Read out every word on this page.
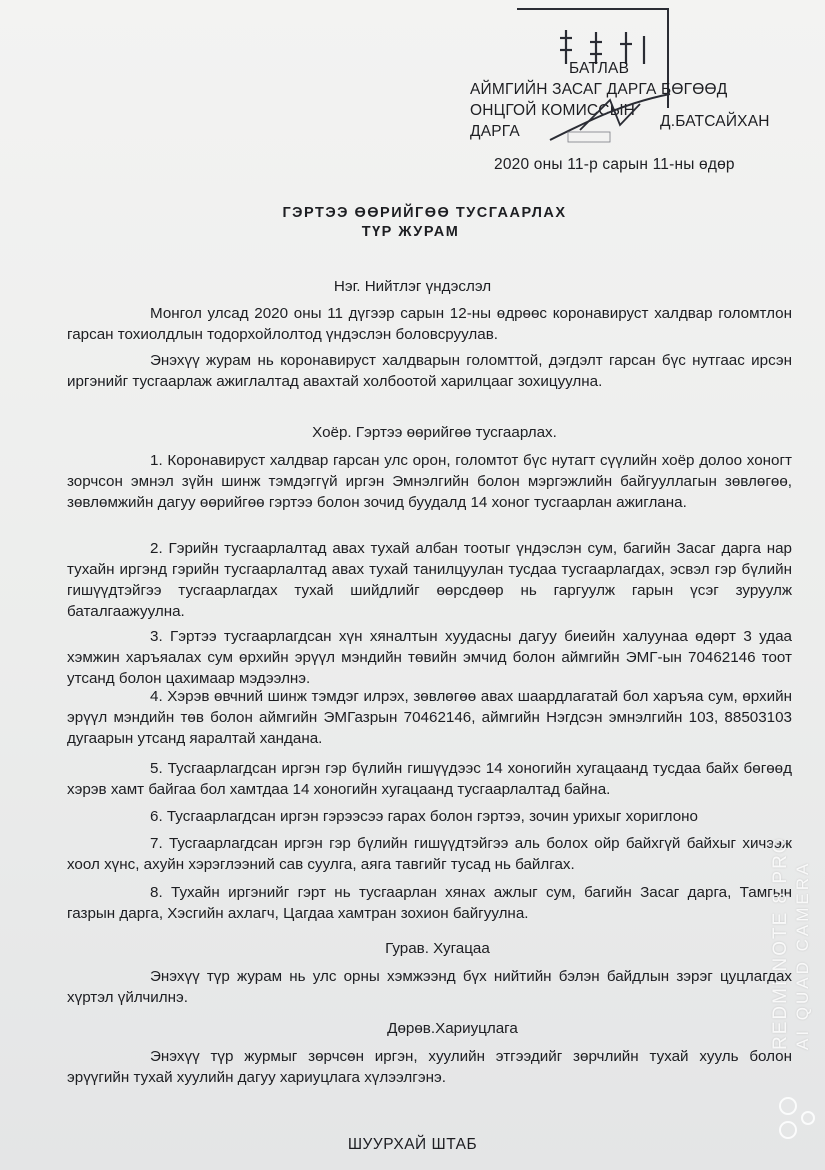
БАТЛАВ
АЙМГИЙН ЗАСАГ ДАРГА БӨГӨӨД
ОНЦГОЙ КОМИССЫН
ДАРГА
Д.БАТСАЙХАН
2020 оны 11-р сарын 11-ны өдөр
ГЭРТЭЭ ӨӨРИЙГӨӨ ТУСГААРЛАХ
ТҮР ЖУРАМ
Нэг. Нийтлэг үндэслэл

Монгол улсад 2020 оны 11 дүгээр сарын 12-ны өдрөөс коронавируст халдвар голомтлон гарсан тохиолдлын тодорхойлолтод үндэслэн боловсруулав.

Энэхүү журам нь коронавируст халдварын голомттой, дэгдэлт гарсан бүс нутгаас ирсэн иргэнийг тусгаарлаж ажиглалтад авахтай холбоотой харилцааг зохицуулна.

Хоёр. Гэртээ өөрийгөө тусгаарлах.

1. Коронавируст халдвар гарсан улс орон, голомтот бүс нутагт сүүлийн хоёр долоо хоногт зорчсон эмнэл зүйн шинж тэмдэггүй иргэн Эмнэлгийн болон мэргэжлийн байгууллагын зөвлөгөө, зөвлөмжийн дагуу өөрийгөө гэртээ болон зочид буудалд 14 хоног тусгаарлан ажиглана.

2. Гэрийн тусгаарлалтад авах тухай албан тоотыг үндэслэн сум, багийн Засаг дарга нар тухайн иргэнд гэрийн тусгаарлалтад авах тухай танилцуулан тусдаа тусгаарлагдах, эсвэл гэр бүлийн гишүүдтэйгээ тусгаарлагдах тухай шийдлийг өөрсдөөр нь гаргуулж гарын үсэг зуруулж баталгаажуулна.

3. Гэртээ тусгаарлагдсан хүн хяналтын хуудасны дагуу биеийн халуунаа өдөрт 3 удаа хэмжин харъяалах сум өрхийн эрүүл мэндийн төвийн эмчид болон аймгийн ЭМГ-ын 70462146 тоот утсанд болон цахимаар мэдээлнэ.

4. Хэрэв өвчний шинж тэмдэг илрэх, зөвлөгөө авах шаардлагатай бол харъяа сум, өрхийн эрүүл мэндийн төв болон аймгийн ЭМГазрын 70462146, аймгийн Нэгдсэн эмнэлгийн 103, 88503103 дугаарын утсанд яаралтай хандана.

5. Тусгаарлагдсан иргэн гэр бүлийн гишүүдээс 14 хоногийн хугацаанд тусдаа байх бөгөөд хэрэв хамт байгаа бол хамтдаа 14 хоногийн хугацаанд тусгаарлалтад байна.

6. Тусгаарлагдсан иргэн гэрээсээ гарах болон гэртээ, зочин урихыг хориглоно

7. Тусгаарлагдсан иргэн гэр бүлийн гишүүдтэйгээ аль болох ойр байхгүй байхыг хичээж хоол хүнс, ахуйн хэрэглээний сав суулга, аяга тавгийг тусад нь байлгах.

8. Тухайн иргэнийг гэрт нь тусгаарлан хянах ажлыг сум, багийн Засаг дарга, Тамгын газрын дарга, Хэсгийн ахлагч, Цагдаа хамтран зохион байгуулна.

Гурав. Хугацаа

Энэхүү түр журам нь улс орны хэмжээнд бүх нийтийн бэлэн байдлын зэрэг цуцлагдах хүртэл үйлчилнэ.

Дөрөв.Хариуцлага

Энэхүү түр журмыг зөрчсөн иргэн, хуулийн этгээдийг зөрчлийн тухай хууль болон эрүүгийн тухай хуулийн дагуу хариуцлага хүлээлгэнэ.

ШУУРХАЙ ШТАБ
REDMI NOTE 8 PRO AI QUAD CAMERA
